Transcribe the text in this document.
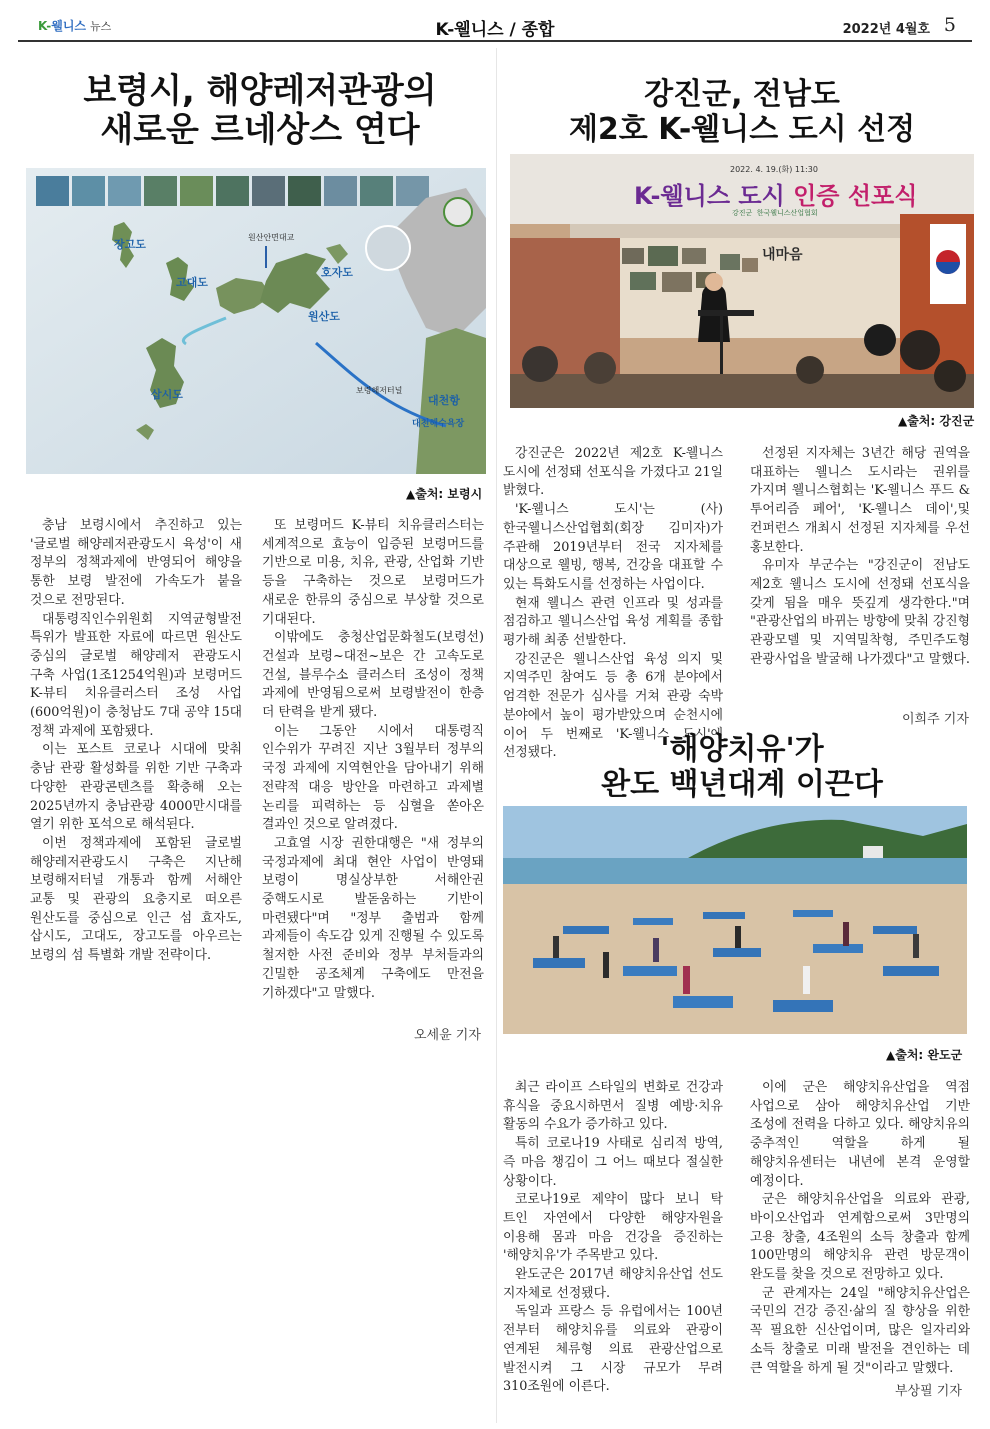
K-웰니스 뉴스	K-웰니스 / 종합	2022년 4월호 5
보령시, 해양레저관광의
새로운 르네상스 연다
장고도
고대도
호자도
원산도
삽시도
원산안면대교
보령해저터널
대천항
대천해수욕장
▲출처: 보령시

충남 보령시에서 추진하고 있는 '글로벌 해양레저관광도시 육성'이 새 정부의 정책과제에 반영되어 해양을 통한 보령 발전에 가속도가 붙을 것으로 전망된다.

대통령직인수위원회 지역균형발전 특위가 발표한 자료에 따르면 원산도 중심의 글로벌 해양레저 관광도시 구축 사업(1조1254억원)과 보령머드 K-뷰티 치유클러스터 조성 사업(600억원)이 충청남도 7대 공약 15대 정책 과제에 포함됐다.

이는 포스트 코로나 시대에 맞춰 충남 관광 활성화를 위한 기반 구축과 다양한 관광콘텐츠를 확충해 오는 2025년까지 충남관광 4000만시대를 열기 위한 포석으로 해석된다.

이번 정책과제에 포함된 글로벌 해양레저관광도시 구축은 지난해 보령해저터널 개통과 함께 서해안 교통 및 관광의 요충지로 떠오른 원산도를 중심으로 인근 섬 효자도, 삽시도, 고대도, 장고도를 아우르는 보령의 섬 특별화 개발 전략이다.

또 보령머드 K-뷰티 치유클러스터는 세계적으로 효능이 입증된 보령머드를 기반으로 미용, 치유, 관광, 산업화 기반 등을 구축하는 것으로 보령머드가 새로운 한류의 중심으로 부상할 것으로 기대된다.

이밖에도 충청산업문화철도(보령선) 건설과 보령~대전~보은 간 고속도로 건설, 블루수소 클러스터 조성이 정책 과제에 반영됨으로써 보령발전이 한층 더 탄력을 받게 됐다.

이는 그동안 시에서 대통령직 인수위가 꾸려진 지난 3월부터 정부의 국정 과제에 지역현안을 담아내기 위해 전략적 대응 방안을 마련하고 과제별 논리를 피력하는 등 심혈을 쏟아온 결과인 것으로 알려졌다.

고효열 시장 권한대행은 "새 정부의 국정과제에 최대 현안 사업이 반영돼 보령이 명실상부한 서해안권 중핵도시로 발돋움하는 기반이 마련됐다"며 "정부 출범과 함께 과제들이 속도감 있게 진행될 수 있도록 철저한 사전 준비와 정부 부처들과의 긴밀한 공조체계 구축에도 만전을 기하겠다"고 말했다.

오세윤 기자
강진군, 전남도
제2호 K-웰니스 도시 선정
2022. 4. 19.(화) 11:30
K-웰니스 도시 인증 선포식
강진군 한국웰니스산업협회
내마음
▲출처: 강진군

강진군은 2022년 제2호 K-웰니스 도시에 선정돼 선포식을 가졌다고 21일 밝혔다.

'K-웰니스 도시'는 (사)한국웰니스산업협회(회장 김미자)가 주관해 2019년부터 전국 지자체를 대상으로 웰빙, 행복, 건강을 대표할 수 있는 특화도시를 선정하는 사업이다.

현재 웰니스 관련 인프라 및 성과를 점검하고 웰니스산업 육성 계획를 종합 평가해 최종 선발한다.

강진군은 웰니스산업 육성 의지 및 지역주민 참여도 등 총 6개 분야에서 엄격한 전문가 심사를 거쳐 관광 숙박 분야에서 높이 평가받았으며 순천시에 이어 두 번째로 'K-웰니스 도시'에 선정됐다.

선정된 지자체는 3년간 해당 권역을 대표하는 웰니스 도시라는 권위를 가지며 웰니스협회는 'K-웰니스 푸드 & 투어리즘 페어', 'K-웰니스 데이',및 컨퍼런스 개최시 선정된 지자체를 우선 홍보한다.

유미자 부군수는 "강진군이 전남도 제2호 웰니스 도시에 선정돼 선포식을 갖게 됨을 매우 뜻깊게 생각한다."며 "관광산업의 바뀌는 방향에 맞춰 강진형 관광모델 및 지역밀착형, 주민주도형 관광사업을 발굴해 나가겠다"고 말했다.

이희주 기자
'해양치유'가
완도 백년대계 이끈다
▲출처: 완도군

최근 라이프 스타일의 변화로 건강과 휴식을 중요시하면서 질병 예방·치유 활동의 수요가 증가하고 있다.

특히 코로나19 사태로 심리적 방역, 즉 마음 챙김이 그 어느 때보다 절실한 상황이다.

코로나19로 제약이 많다 보니 탁 트인 자연에서 다양한 해양자원을 이용해 몸과 마음 건강을 증진하는 '해양치유'가 주목받고 있다.

완도군은 2017년 해양치유산업 선도 지자체로 선정됐다.

독일과 프랑스 등 유럽에서는 100년 전부터 해양치유를 의료와 관광이 연계된 체류형 의료 관광산업으로 발전시켜 그 시장 규모가 무려 310조원에 이른다.

이에 군은 해양치유산업을 역점 사업으로 삼아 해양치유산업 기반 조성에 전력을 다하고 있다. 해양치유의 중추적인 역할을 하게 될 해양치유센터는 내년에 본격 운영할 예정이다.

군은 해양치유산업을 의료와 관광, 바이오산업과 연계함으로써 3만명의 고용 창출, 4조원의 소득 창출과 함께 100만명의 해양치유 관련 방문객이 완도를 찾을 것으로 전망하고 있다.

군 관계자는 24일 "해양치유산업은 국민의 건강 증진·삶의 질 향상을 위한 꼭 필요한 신산업이며, 많은 일자리와 소득 창출로 미래 발전을 견인하는 데 큰 역할을 하게 될 것"이라고 말했다.

부상필 기자
